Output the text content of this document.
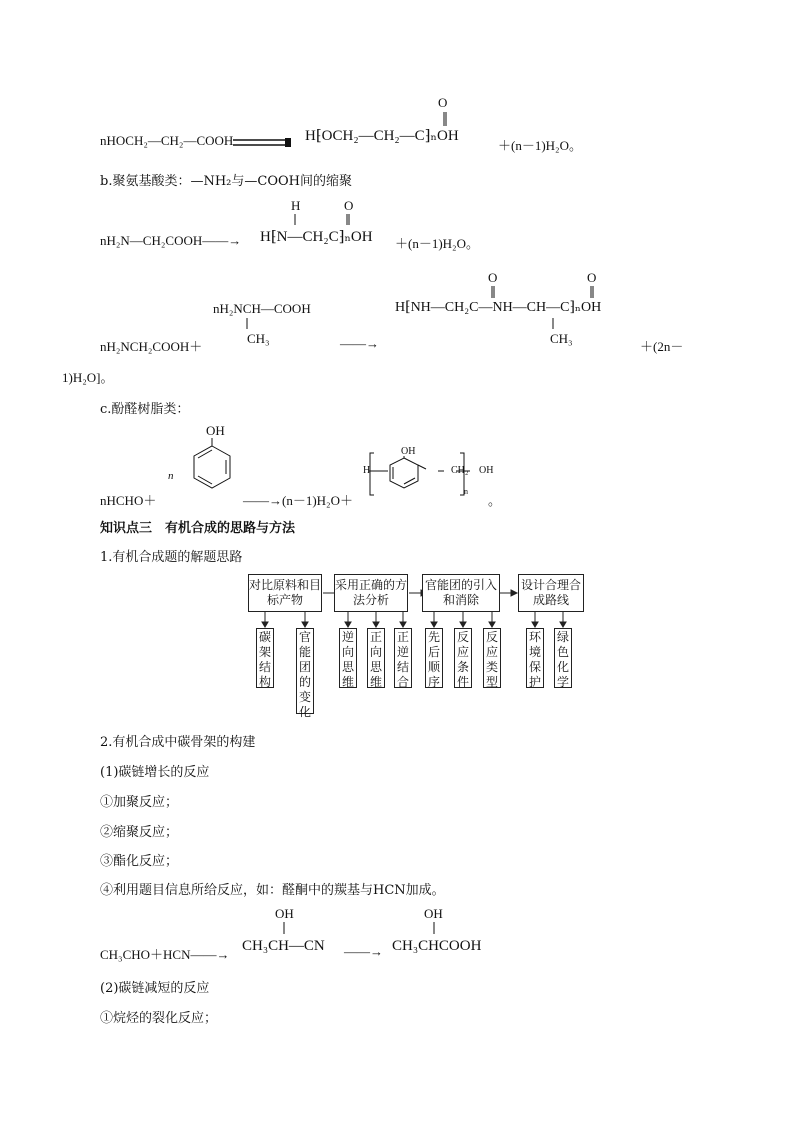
nHOCH₂—CH₂—COOH
O
H⁅OCH₂—CH₂—C⁆ₙOH
＋(n－1)H₂O。
b.聚氨基酸类：—NH₂与—COOH间的缩聚
H	O
nH₂N—CH₂COOH——→ H⁅N—CH₂C⁆ₙOH ＋(n－1)H₂O。
O	O
nH₂NCH—COOH
CH₃
H⁅NH—CH₂C—NH—CH—C⁆ₙOH
CH₃
nH₂NCH₂COOH＋	——→	＋(2n－
1)H₂O]。
c.酚醛树脂类：
OH
n
nHCHO＋	——→(n－1)H₂O＋
OH
H	CH₂ OH
n
。
知识点三　有机合成的思路与方法
1.有机合成题的解题思路
对比原料和目标产物
采用正确的方法分析
官能团的引入和消除
设计合理合成路线
碳
架
结
构
官
能
团
的
变
化
逆
向
思
维
正
向
思
维
正
逆
结
合
先
后
顺
序
反
应
条
件
反
应
类
型
环
境
保
护
绿
色
化
学
2.有机合成中碳骨架的构建
(1)碳链增长的反应
①加聚反应；
②缩聚反应；
③酯化反应；
④利用题目信息所给反应，如：醛酮中的羰基与HCN加成。
OH	OH
CH₃CHO＋HCN——→
CH₃CH—CN ——→ CH₃CHCOOH
(2)碳链减短的反应
①烷烃的裂化反应；
